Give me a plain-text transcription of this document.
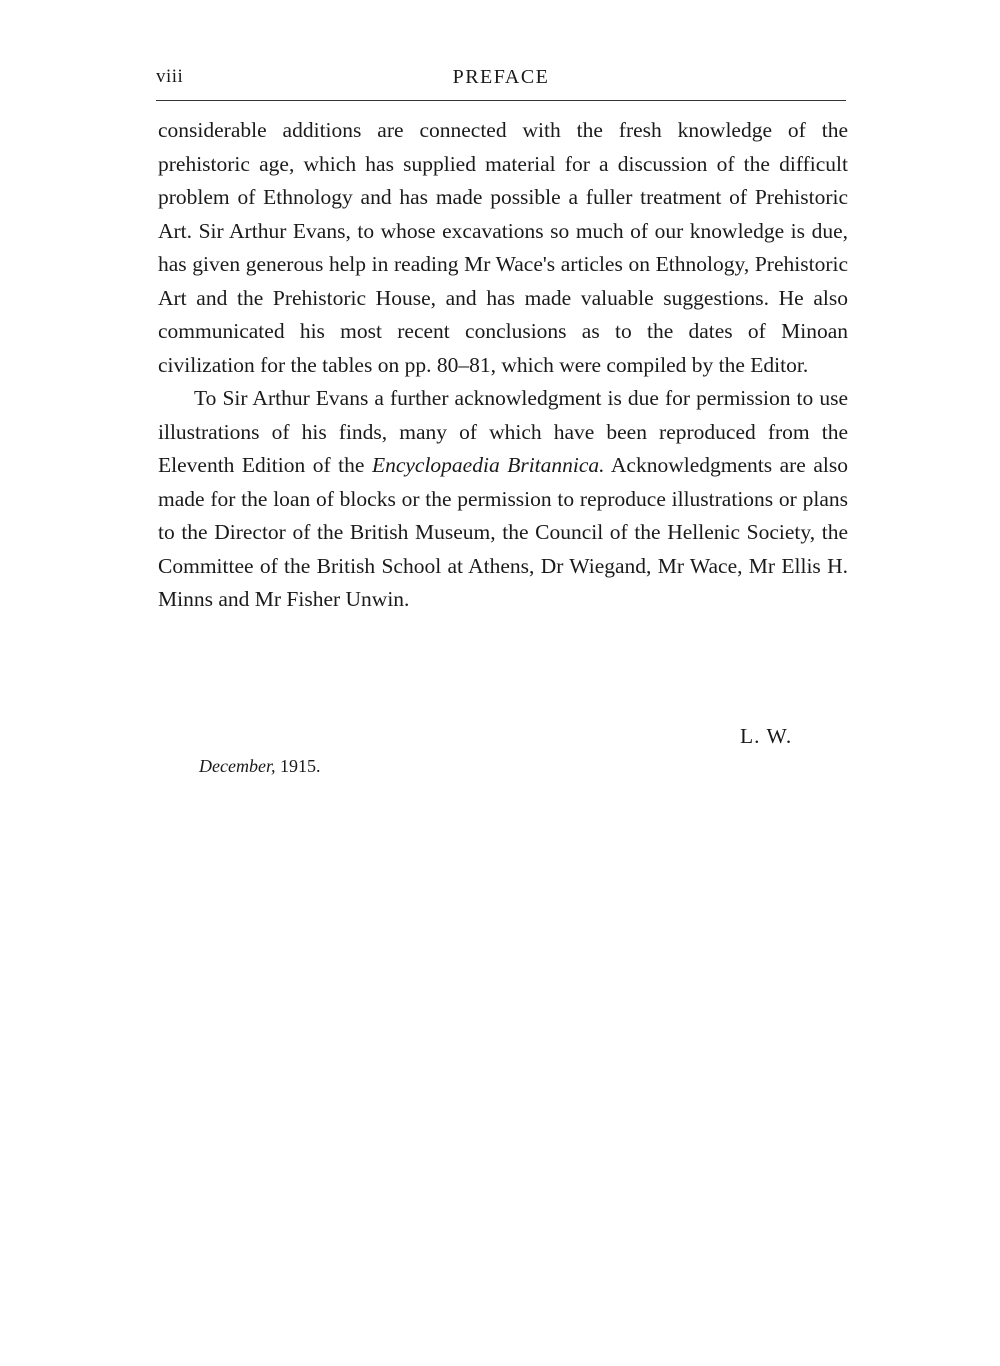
viii	PREFACE

considerable additions are connected with the fresh knowledge of the prehistoric age, which has supplied material for a discussion of the difficult problem of Ethnology and has made possible a fuller treatment of Prehistoric Art. Sir Arthur Evans, to whose excavations so much of our knowledge is due, has given generous help in reading Mr Wace's articles on Ethnology, Prehistoric Art and the Prehistoric House, and has made valuable suggestions. He also communicated his most recent conclusions as to the dates of Minoan civilization for the tables on pp. 80–81, which were compiled by the Editor.

To Sir Arthur Evans a further acknowledgment is due for permission to use illustrations of his finds, many of which have been reproduced from the Eleventh Edition of the Encyclopaedia Britannica. Acknowledgments are also made for the loan of blocks or the permission to reproduce illustrations or plans to the Director of the British Museum, the Council of the Hellenic Society, the Committee of the British School at Athens, Dr Wiegand, Mr Wace, Mr Ellis H. Minns and Mr Fisher Unwin.

L. W.
December, 1915.
